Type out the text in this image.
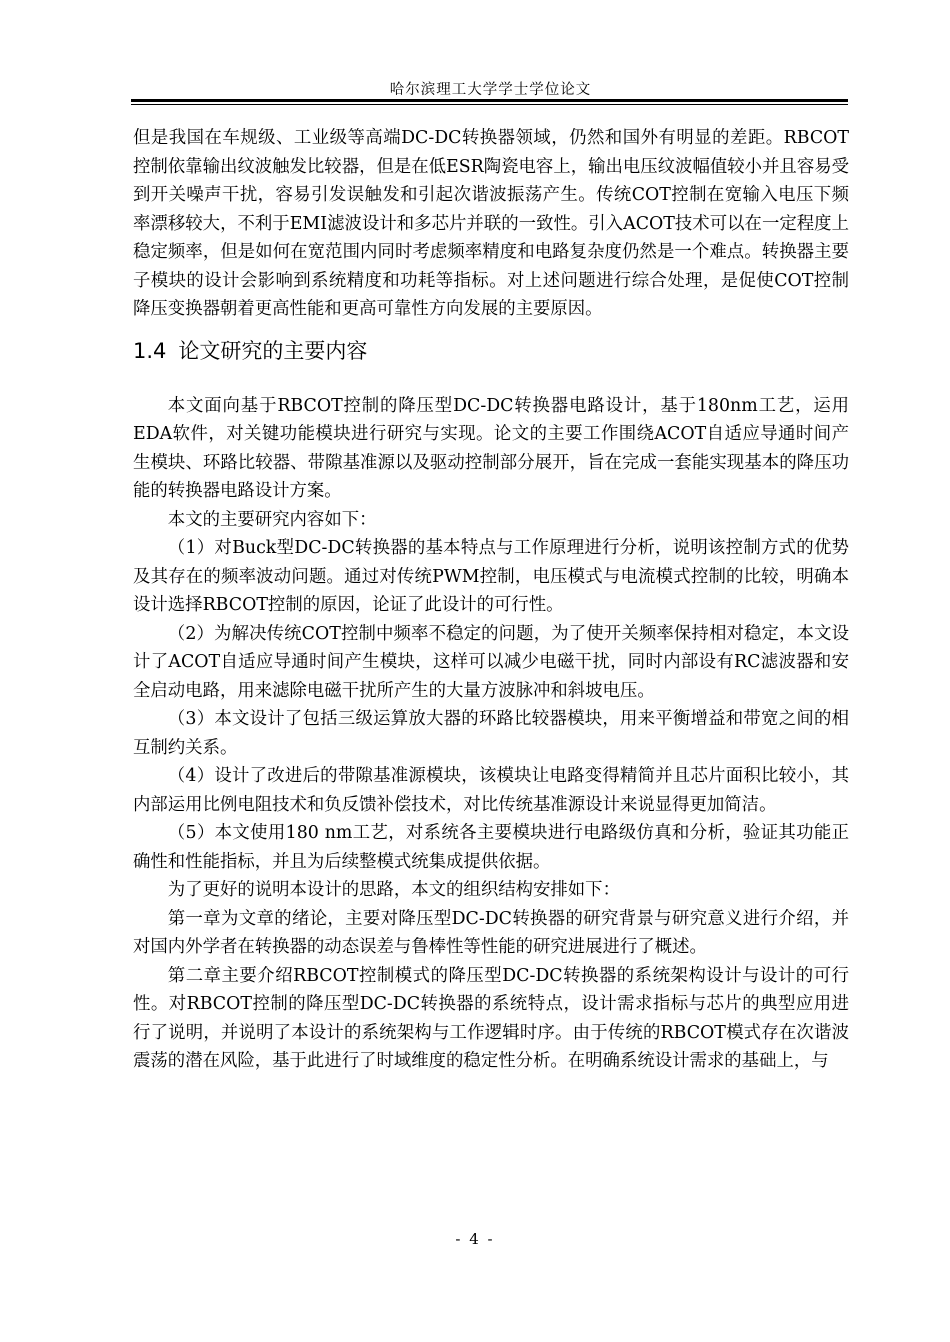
哈尔滨理工大学学士学位论文

但是我国在车规级、工业级等高端DC-DC转换器领域，仍然和国外有明显的差距。RBCOT控制依靠输出纹波触发比较器，但是在低ESR陶瓷电容上，输出电压纹波幅值较小并且容易受到开关噪声干扰，容易引发误触发和引起次谐波振荡产生。传统COT控制在宽输入电压下频率漂移较大，不利于EMI滤波设计和多芯片并联的一致性。引入ACOT技术可以在一定程度上稳定频率，但是如何在宽范围内同时考虑频率精度和电路复杂度仍然是一个难点。转换器主要子模块的设计会影响到系统精度和功耗等指标。对上述问题进行综合处理，是促使COT控制降压变换器朝着更高性能和更高可靠性方向发展的主要原因。

1.4 论文研究的主要内容

本文面向基于RBCOT控制的降压型DC-DC转换器电路设计，基于180nm工艺，运用EDA软件，对关键功能模块进行研究与实现。论文的主要工作围绕ACOT自适应导通时间产生模块、环路比较器、带隙基准源以及驱动控制部分展开，旨在完成一套能实现基本的降压功能的转换器电路设计方案。

本文的主要研究内容如下：

（1）对Buck型DC-DC转换器的基本特点与工作原理进行分析，说明该控制方式的优势及其存在的频率波动问题。通过对传统PWM控制，电压模式与电流模式控制的比较，明确本设计选择RBCOT控制的原因，论证了此设计的可行性。

（2）为解决传统COT控制中频率不稳定的问题，为了使开关频率保持相对稳定，本文设计了ACOT自适应导通时间产生模块，这样可以减少电磁干扰，同时内部设有RC滤波器和安全启动电路，用来滤除电磁干扰所产生的大量方波脉冲和斜坡电压。

（3）本文设计了包括三级运算放大器的环路比较器模块，用来平衡增益和带宽之间的相互制约关系。

（4）设计了改进后的带隙基准源模块，该模块让电路变得精简并且芯片面积比较小，其内部运用比例电阻技术和负反馈补偿技术，对比传统基准源设计来说显得更加简洁。

（5）本文使用180 nm工艺，对系统各主要模块进行电路级仿真和分析，验证其功能正确性和性能指标，并且为后续整模式统集成提供依据。

为了更好的说明本设计的思路，本文的组织结构安排如下：

第一章为文章的绪论，主要对降压型DC-DC转换器的研究背景与研究意义进行介绍，并对国内外学者在转换器的动态误差与鲁棒性等性能的研究进展进行了概述。

第二章主要介绍RBCOT控制模式的降压型DC-DC转换器的系统架构设计与设计的可行性。对RBCOT控制的降压型DC-DC转换器的系统特点，设计需求指标与芯片的典型应用进行了说明，并说明了本设计的系统架构与工作逻辑时序。由于传统的RBCOT模式存在次谐波震荡的潜在风险，基于此进行了时域维度的稳定性分析。在明确系统设计需求的基础上，与

- 4 -
